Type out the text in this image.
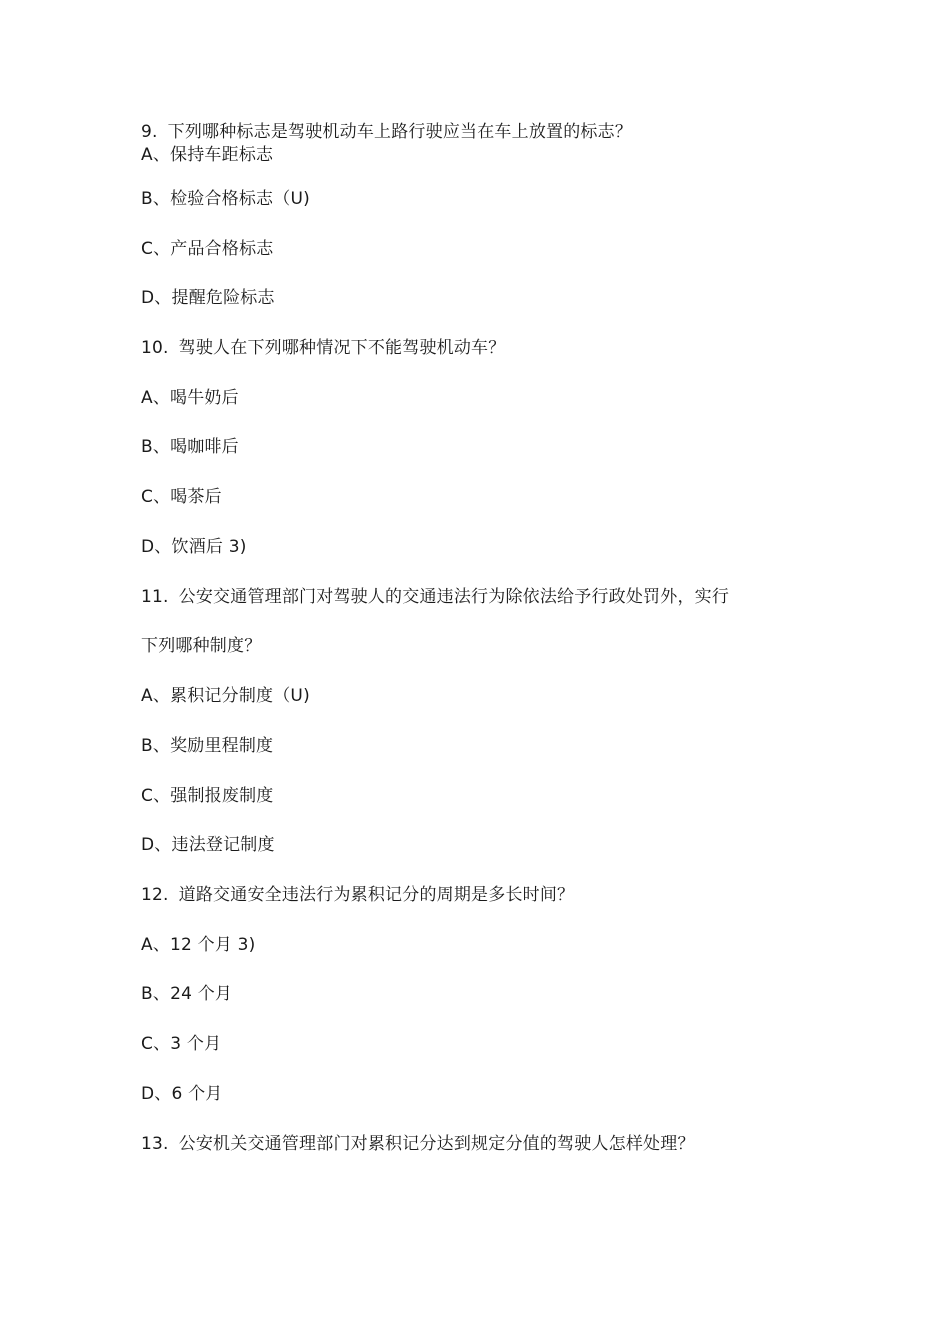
9. 下列哪种标志是驾驶机动车上路行驶应当在车上放置的标志？
A、保持车距标志
B、检验合格标志（U)
C、产品合格标志
D、提醒危险标志
10. 驾驶人在下列哪种情况下不能驾驶机动车？
A、喝牛奶后
B、喝咖啡后
C、喝茶后
D、饮酒后 3)
11. 公安交通管理部门对驾驶人的交通违法行为除依法给予行政处罚外，实行
下列哪种制度？
A、累积记分制度（U)
B、奖励里程制度
C、强制报废制度
D、违法登记制度
12. 道路交通安全违法行为累积记分的周期是多长时间？
A、12 个月 3)
B、24 个月
C、3 个月
D、6 个月
13. 公安机关交通管理部门对累积记分达到规定分值的驾驶人怎样处理？
